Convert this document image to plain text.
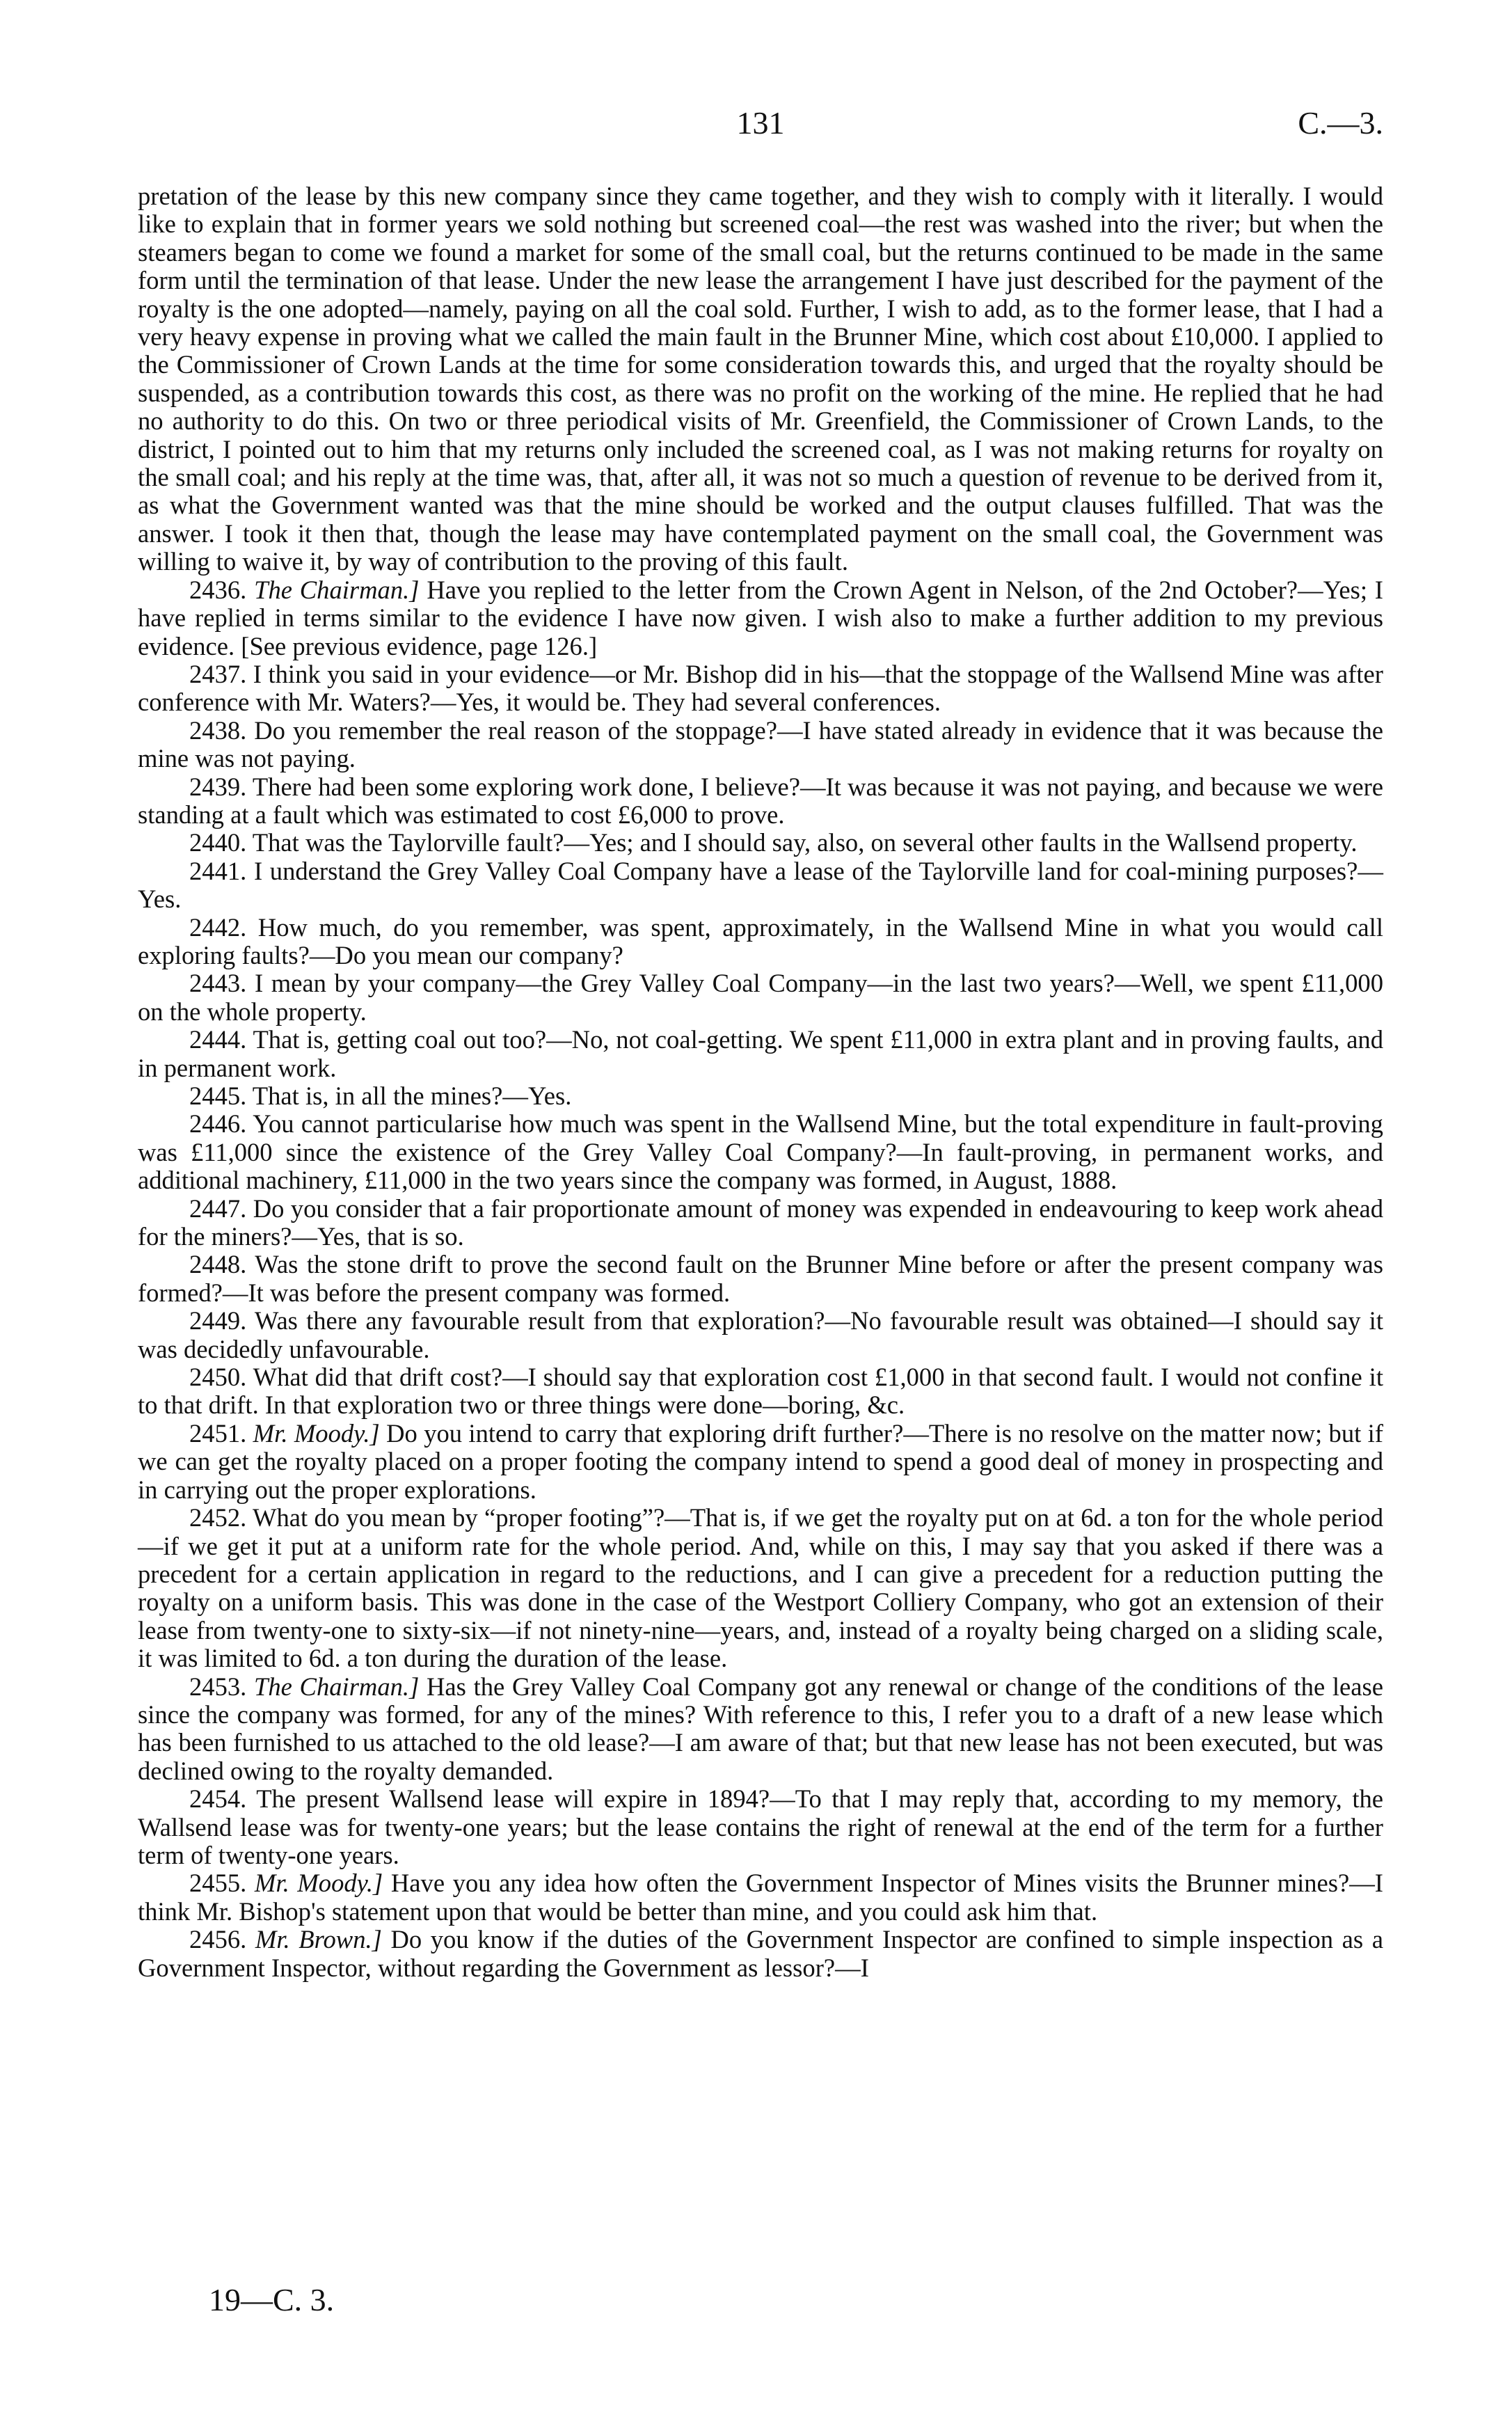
131	C.—3.

pretation of the lease by this new company since they came together, and they wish to comply with it literally. I would like to explain that in former years we sold nothing but screened coal—the rest was washed into the river; but when the steamers began to come we found a market for some of the small coal, but the returns continued to be made in the same form until the termination of that lease. Under the new lease the arrangement I have just described for the payment of the royalty is the one adopted—namely, paying on all the coal sold. Further, I wish to add, as to the former lease, that I had a very heavy expense in proving what we called the main fault in the Brunner Mine, which cost about £10,000. I applied to the Commissioner of Crown Lands at the time for some consideration towards this, and urged that the royalty should be suspended, as a contribution towards this cost, as there was no profit on the working of the mine. He replied that he had no authority to do this. On two or three periodical visits of Mr. Greenfield, the Commissioner of Crown Lands, to the district, I pointed out to him that my returns only included the screened coal, as I was not making returns for royalty on the small coal; and his reply at the time was, that, after all, it was not so much a question of revenue to be derived from it, as what the Government wanted was that the mine should be worked and the output clauses fulfilled. That was the answer. I took it then that, though the lease may have contemplated payment on the small coal, the Government was willing to waive it, by way of contribution to the proving of this fault.

2436. The Chairman.] Have you replied to the letter from the Crown Agent in Nelson, of the 2nd October?—Yes; I have replied in terms similar to the evidence I have now given. I wish also to make a further addition to my previous evidence. [See previous evidence, page 126.]

2437. I think you said in your evidence—or Mr. Bishop did in his—that the stoppage of the Wallsend Mine was after conference with Mr. Waters?—Yes, it would be. They had several conferences.

2438. Do you remember the real reason of the stoppage?—I have stated already in evidence that it was because the mine was not paying.

2439. There had been some exploring work done, I believe?—It was because it was not paying, and because we were standing at a fault which was estimated to cost £6,000 to prove.

2440. That was the Taylorville fault?—Yes; and I should say, also, on several other faults in the Wallsend property.

2441. I understand the Grey Valley Coal Company have a lease of the Taylorville land for coal-mining purposes?—Yes.

2442. How much, do you remember, was spent, approximately, in the Wallsend Mine in what you would call exploring faults?—Do you mean our company?

2443. I mean by your company—the Grey Valley Coal Company—in the last two years?—Well, we spent £11,000 on the whole property.

2444. That is, getting coal out too?—No, not coal-getting. We spent £11,000 in extra plant and in proving faults, and in permanent work.

2445. That is, in all the mines?—Yes.

2446. You cannot particularise how much was spent in the Wallsend Mine, but the total expenditure in fault-proving was £11,000 since the existence of the Grey Valley Coal Company?—In fault-proving, in permanent works, and additional machinery, £11,000 in the two years since the company was formed, in August, 1888.

2447. Do you consider that a fair proportionate amount of money was expended in endeavouring to keep work ahead for the miners?—Yes, that is so.

2448. Was the stone drift to prove the second fault on the Brunner Mine before or after the present company was formed?—It was before the present company was formed.

2449. Was there any favourable result from that exploration?—No favourable result was obtained—I should say it was decidedly unfavourable.

2450. What did that drift cost?—I should say that exploration cost £1,000 in that second fault. I would not confine it to that drift. In that exploration two or three things were done—boring, &c.

2451. Mr. Moody.] Do you intend to carry that exploring drift further?—There is no resolve on the matter now; but if we can get the royalty placed on a proper footing the company intend to spend a good deal of money in prospecting and in carrying out the proper explorations.

2452. What do you mean by “proper footing”?—That is, if we get the royalty put on at 6d. a ton for the whole period—if we get it put at a uniform rate for the whole period. And, while on this, I may say that you asked if there was a precedent for a certain application in regard to the reductions, and I can give a precedent for a reduction putting the royalty on a uniform basis. This was done in the case of the Westport Colliery Company, who got an extension of their lease from twenty-one to sixty-six—if not ninety-nine—years, and, instead of a royalty being charged on a sliding scale, it was limited to 6d. a ton during the duration of the lease.

2453. The Chairman.] Has the Grey Valley Coal Company got any renewal or change of the conditions of the lease since the company was formed, for any of the mines? With reference to this, I refer you to a draft of a new lease which has been furnished to us attached to the old lease?—I am aware of that; but that new lease has not been executed, but was declined owing to the royalty demanded.

2454. The present Wallsend lease will expire in 1894?—To that I may reply that, according to my memory, the Wallsend lease was for twenty-one years; but the lease contains the right of renewal at the end of the term for a further term of twenty-one years.

2455. Mr. Moody.] Have you any idea how often the Government Inspector of Mines visits the Brunner mines?—I think Mr. Bishop's statement upon that would be better than mine, and you could ask him that.

2456. Mr. Brown.] Do you know if the duties of the Government Inspector are confined to simple inspection as a Government Inspector, without regarding the Government as lessor?—I

19—C. 3.
